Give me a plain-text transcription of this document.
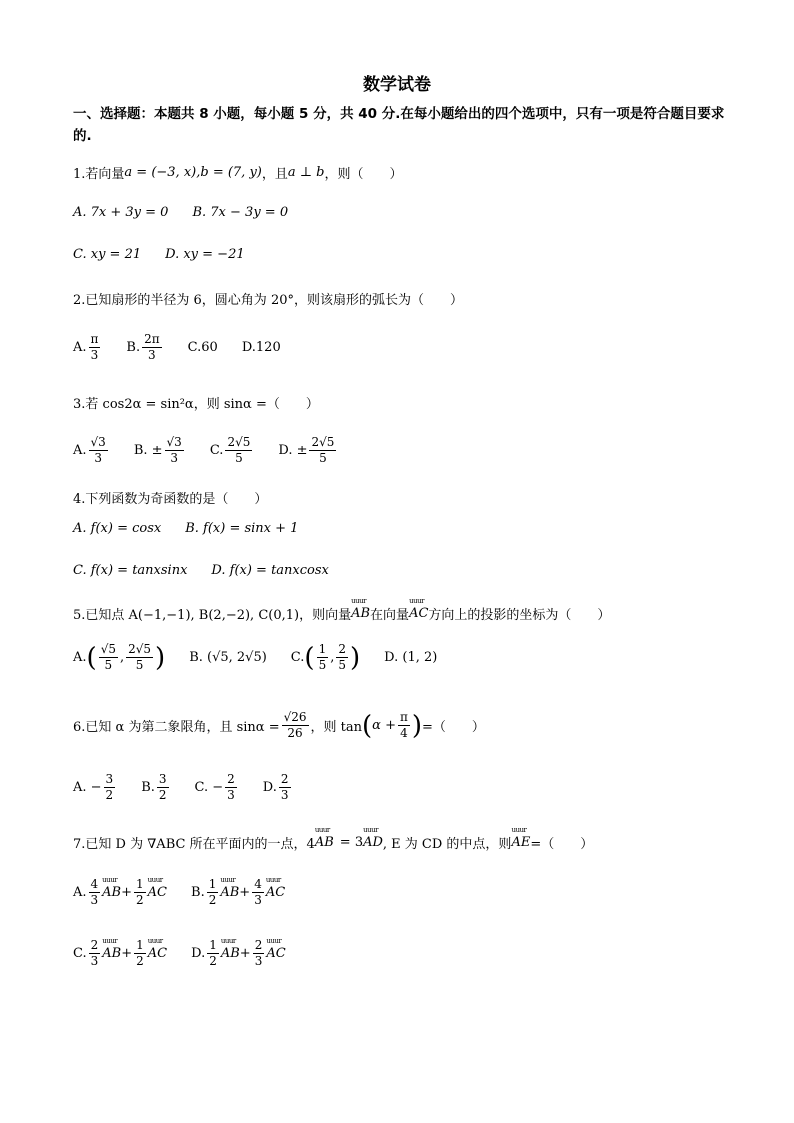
数学试卷
一、选择题：本题共 8 小题，每小题 5 分，共 40 分.在每小题给出的四个选项中，只有一项是符合题目要求的.
1.若向量 a = (−3, x), b = (7, y) ，且 a ⊥ b ，则（　　）
A. 7x + 3y = 0 B. 7x − 3y = 0
C. xy = 21 D. xy = −21
2.已知扇形的半径为 6，圆心角为 20°，则该扇形的弧长为（　　）
A. $\frac{\pi}{3} B$. $\frac{2\pi}{3} C.60$ D.120
3.若 cos2α = sin²α，则 sinα =（　　）
A. $\frac{√3}{3} B$. ± $\frac{√3}{3} C$. $\frac{2√5}{5} D$. ± $\frac{2√5}{5}$
4.下列函数为奇函数的是（　　）
A. f(x) = cosx B. f(x) = sinx + 1
C. f(x) = tanxsinx D. f(x) = tanxcosx
5.已知点 A(−1,−1), B(2,−2), C(0,1)，则向量 uuur AB 在向量 uuur AC 方向上的投影的坐标为（　　）
A. ( $\frac{√5}{5}$ , $\frac{2√5}{5}$ ) B. (√5, 2√5) C. ( $\frac{1}{5}$ , $\frac{2}{5}$ ) D. (1, 2)
6.已知 α 为第二象限角，且 $\sin\alpha = \frac{√26}{26}$ ，则 tan ( $\alpha + \frac{\pi}{4}$ ) =（　　）
A. − $\frac{3}{2} B$. $\frac{3}{2} C$. − $\frac{2}{3} D$. $\frac{2}{3}$
7.已知 D 为 ∇ABC 所在平面内的一点，4 uuur AB = 3 uuur AD , E 为 CD 的中点，则 uuur AE =（　　）
A. $\frac{4}{3}$ uuur AB + $\frac{1}{2}$ uuur AC B. $\frac{1}{2}$ uuur AB + $\frac{4}{3}$ uuur AC
C. $\frac{2}{3}$ uuur AB + $\frac{1}{2}$ uuur AC D. $\frac{1}{2}$ uuur AB + $\frac{2}{3}$ uuur AC
